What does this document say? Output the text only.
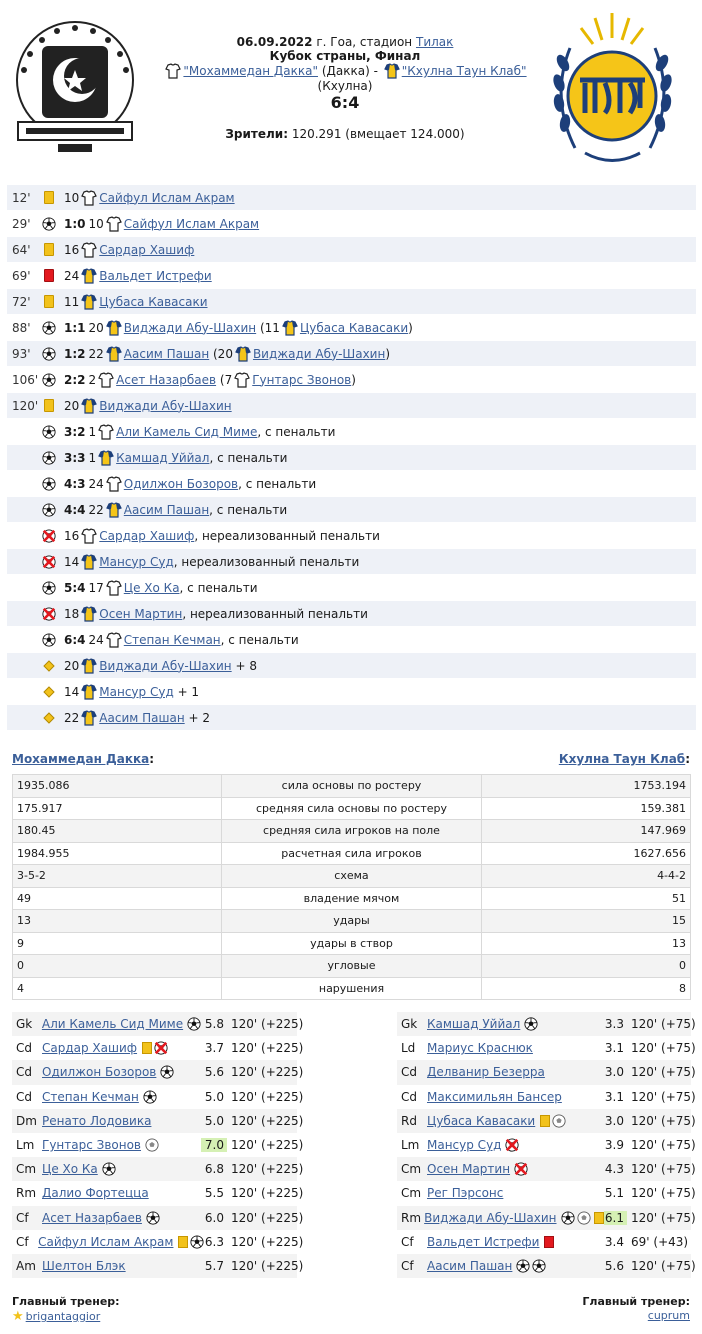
06.09.2022 г. Гоа, стадион Тилак
Кубок страны, Финал
"Мохаммедан Дакка" (Дакка) - "Кхулна Таун Клаб" (Кхулна)
6:4
Зрители: 120.291 (вмещает 124.000)
12'	10 Сайфул Ислам Акрам
29'	1:0 10 Сайфул Ислам Акрам
64'	16 Сардар Хашиф
69'	24 Вальдет Истрефи
72'	11 Цубаса Кавасаки
88'	1:1 20 Виджади Абу-Шахин (11 Цубаса Кавасаки)
93'	1:2 22 Аасим Пашан (20 Виджади Абу-Шахин)
106' 2:2 2 Асет Назарбаев (7 Гунтарс Звонов)
120' 20 Виджади Абу-Шахин
3:2 1 Али Камель Сид Миме, с пенальти
3:3 1 Камшад Уййал, с пенальти
4:3 24 Одилжон Бозоров, с пенальти
4:4 22 Аасим Пашан, с пенальти
16 Сардар Хашиф, нереализованный пенальти
14 Мансур Суд, нереализованный пенальти
5:4 17 Це Хо Ка, с пенальти
18 Осен Мартин, нереализованный пенальти
6:4 24 Степан Кечман, с пенальти
20 Виджади Абу-Шахин + 8
14 Мансур Суд + 1
22 Аасим Пашан + 2
Мохаммедан Дакка:	Кхулна Таун Клаб:
1935.086	сила основы по ростеру	1753.194
175.917	средняя сила основы по ростеру	159.381
180.45	средняя сила игроков на поле	147.969
1984.955	расчетная сила игроков	1627.656
3-5-2	схема	4-4-2
49	владение мячом	51
13	удары	15
9	удары в створ	13
0	угловые	0
4	нарушения	8
Gk Али Камель Сид Миме	5.8 120' (+225)
Cd Сардар Хашиф	3.7 120' (+225)
Cd Одилжон Бозоров	5.6 120' (+225)
Cd Степан Кечман	5.0 120' (+225)
Dm Ренато Лодовика	5.0 120' (+225)
Lm Гунтарс Звонов	7.0 120' (+225)
Cm Це Хо Ка	6.8 120' (+225)
Rm Далио Фортецца	5.5 120' (+225)
Cf	Асет Назарбаев	6.0 120' (+225)
Cf Сайфул Ислам Акрам	6.3 120' (+225)
Am Шелтон Блэк	5.7 120' (+225)
Gk Камшад Уййал	3.3 120' (+75)
Ld Мариус Краснюк	3.1 120' (+75)
Cd Делванир Безерра	3.0 120' (+75)
Cd Максимильян Бансер	3.1 120' (+75)
Rd Цубаса Кавасаки	3.0 120' (+75)
Lm Мансур Суд	3.9 120' (+75)
Cm Осен Мартин	4.3 120' (+75)
Cm Рег Пэрсонс	5.1 120' (+75)
Rm Виджади Абу-Шахин	6.1 120' (+75)
Cf	Вальдет Истрефи	3.4 69' (+43)
Cf	Аасим Пашан	5.6 120' (+75)
Главный тренер:	Главный тренер:
★ brigantaggior	cuprum
